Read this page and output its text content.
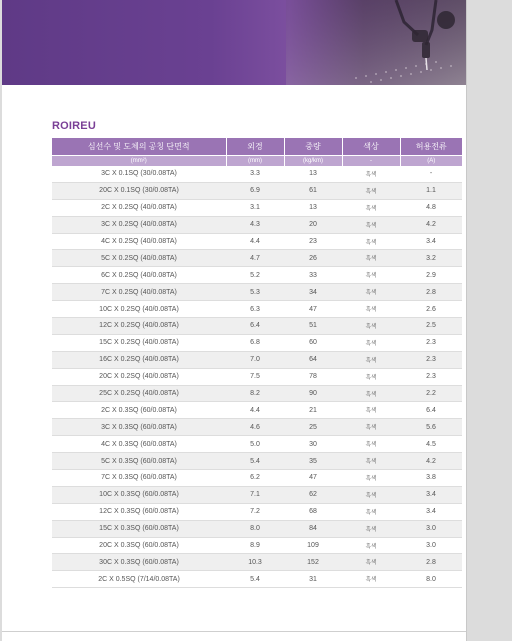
ROIREU
심선수 및 도체의 공칭 단면적	외경	중량	색상	허용전류
(mm²)	(mm)	(kg/km)	-	(A)
3C X 0.1SQ (30/0.08TA)	3.3	13	흑색	-
20C X 0.1SQ (30/0.08TA)	6.9	61	흑색	1.1
2C X 0.2SQ (40/0.08TA)	3.1	13	흑색	4.8
3C X 0.2SQ (40/0.08TA)	4.3	20	흑색	4.2
4C X 0.2SQ (40/0.08TA)	4.4	23	흑색	3.4
5C X 0.2SQ (40/0.08TA)	4.7	26	흑색	3.2
6C X 0.2SQ (40/0.08TA)	5.2	33	흑색	2.9
7C X 0.2SQ (40/0.08TA)	5.3	34	흑색	2.8
10C X 0.2SQ (40/0.08TA)	6.3	47	흑색	2.6
12C X 0.2SQ (40/0.08TA)	6.4	51	흑색	2.5
15C X 0.2SQ (40/0.08TA)	6.8	60	흑색	2.3
16C X 0.2SQ (40/0.08TA)	7.0	64	흑색	2.3
20C X 0.2SQ (40/0.08TA)	7.5	78	흑색	2.3
25C X 0.2SQ (40/0.08TA)	8.2	90	흑색	2.2
2C X 0.3SQ (60/0.08TA)	4.4	21	흑색	6.4
3C X 0.3SQ (60/0.08TA)	4.6	25	흑색	5.6
4C X 0.3SQ (60/0.08TA)	5.0	30	흑색	4.5
5C X 0.3SQ (60/0.08TA)	5.4	35	흑색	4.2
7C X 0.3SQ (60/0.08TA)	6.2	47	흑색	3.8
10C X 0.3SQ (60/0.08TA)	7.1	62	흑색	3.4
12C X 0.3SQ (60/0.08TA)	7.2	68	흑색	3.4
15C X 0.3SQ (60/0.08TA)	8.0	84	흑색	3.0
20C X 0.3SQ (60/0.08TA)	8.9	109	흑색	3.0
30C X 0.3SQ (60/0.08TA)	10.3	152	흑색	2.8
2C X 0.5SQ (7/14/0.08TA)	5.4	31	흑색	8.0
